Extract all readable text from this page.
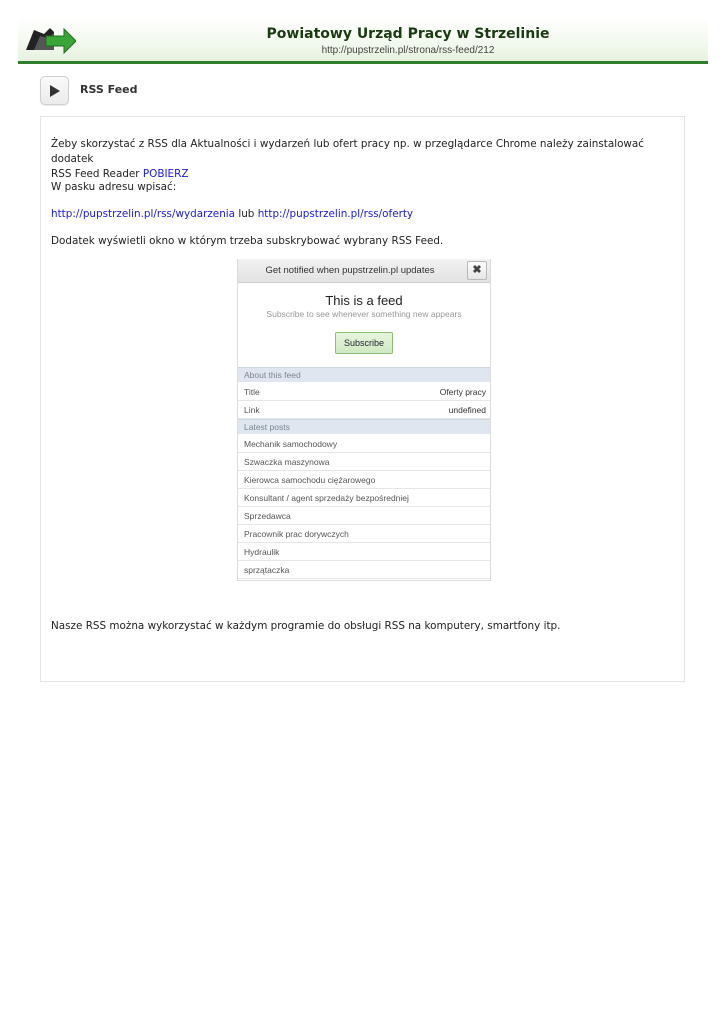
Powiatowy Urząd Pracy w Strzelinie
http://pupstrzelin.pl/strona/rss-feed/212
RSS Feed
Żeby skorzystać z RSS dla Aktualności i wydarzeń lub ofert pracy np. w przeglądarce Chrome należy zainstalować dodatek
RSS Feed Reader POBIERZ
W pasku adresu wpisać:
http://pupstrzelin.pl/rss/wydarzenia lub http://pupstrzelin.pl/rss/oferty
Dodatek wyświetli okno w którym trzeba subskrybować wybrany RSS Feed.
Get notified when pupstrzelin.pl updates	✖
This is a feed
Subscribe to see whenever something new appears
Subscribe
About this feed
Title	Oferty pracy
Link	undefined
Latest posts
Mechanik samochodowy
Szwaczka maszynowa
Kierowca samochodu ciężarowego
Konsultant / agent sprzedaży bezpośredniej
Sprzedawca
Pracownik prac dorywczych
Hydraulik
sprzątaczka
Nasze RSS można wykorzystać w każdym programie do obsługi RSS na komputery, smartfony itp.
